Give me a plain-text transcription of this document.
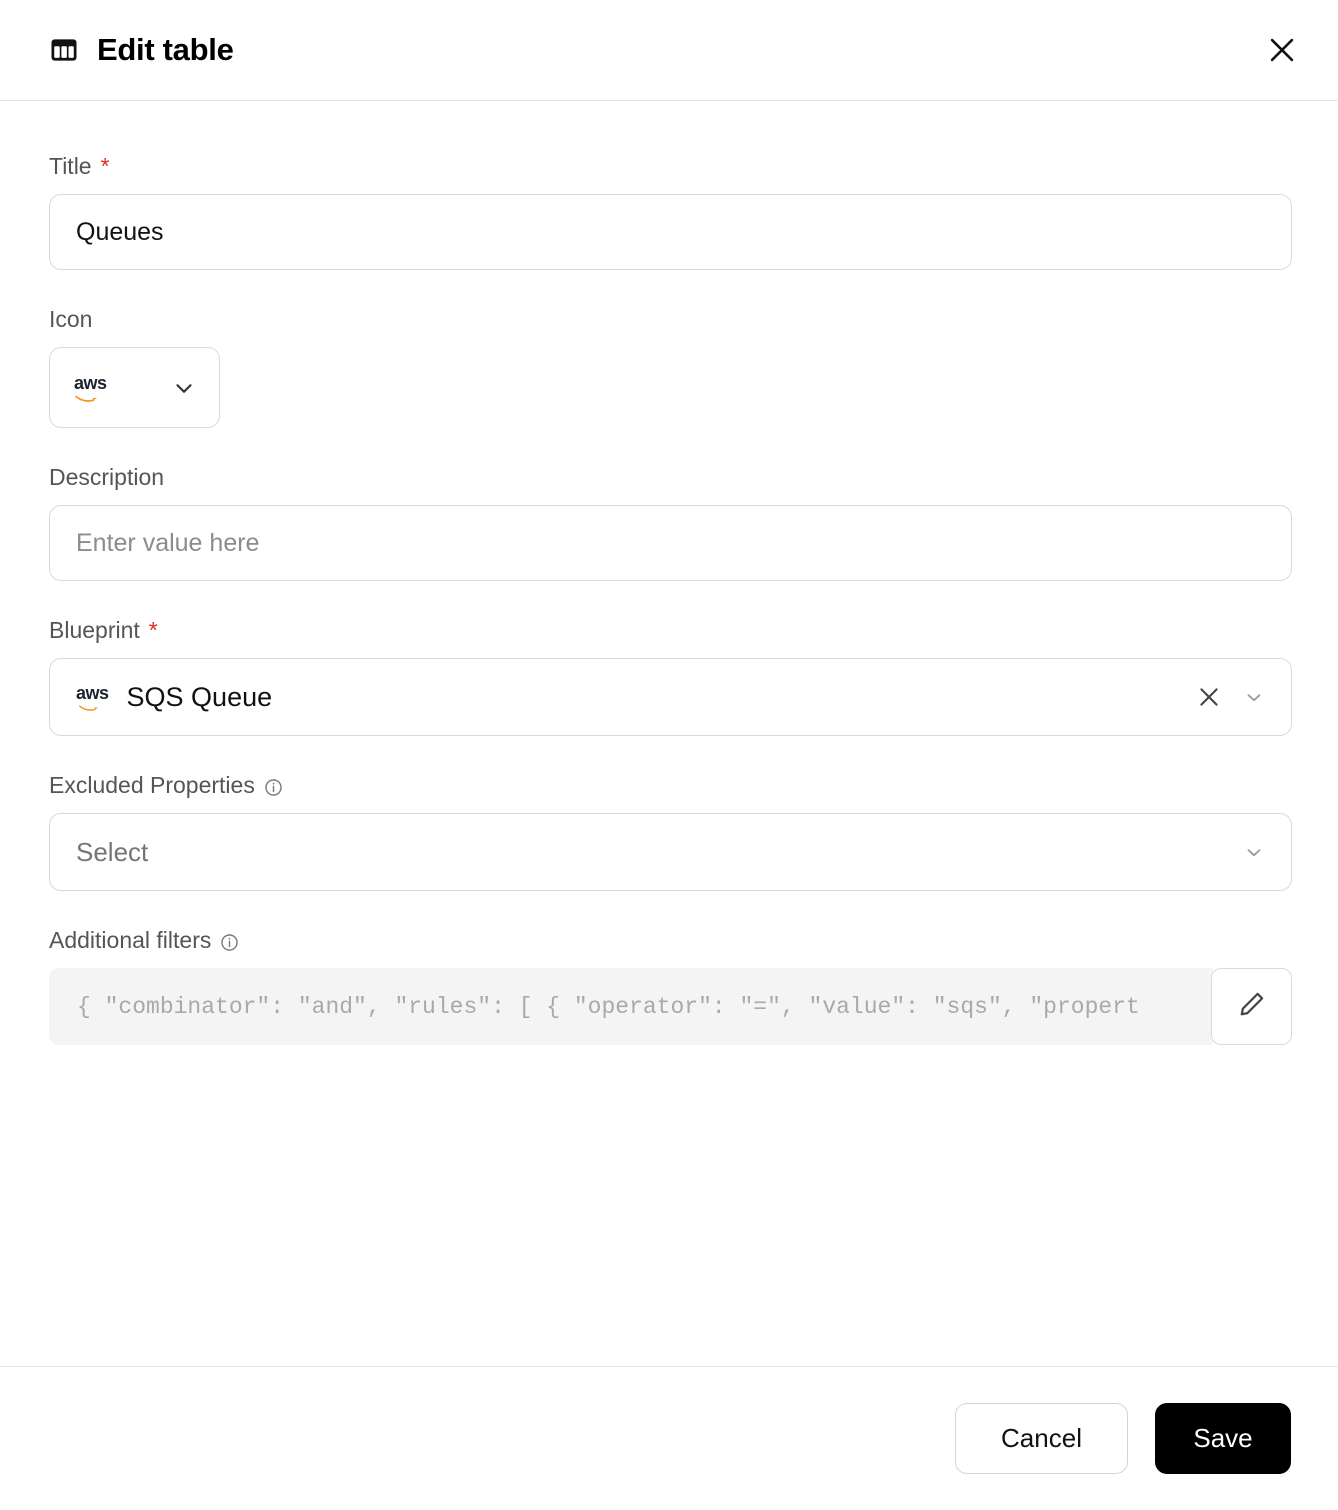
Edit table
Title *
Queues
Icon
aws
Description
Enter value here
Blueprint *
aws SQS Queue
Excluded Properties
Select
Additional filters
{ "combinator": "and", "rules": [ { "operator": "=", "value": "sqs", "propert
Cancel	Save
